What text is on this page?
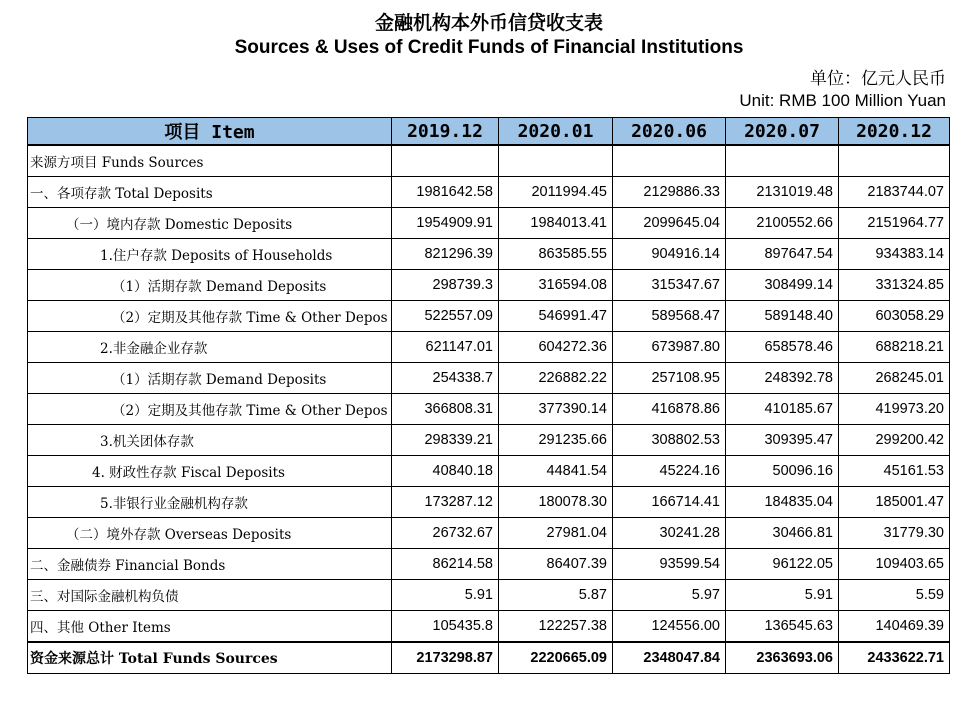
金融机构本外币信贷收支表
Sources & Uses of Credit Funds of Financial Institutions
单位：亿元人民币
Unit: RMB 100 Million Yuan
项目 Item	2019.12	2020.01	2020.06	2020.07	2020.12
来源方项目 Funds Sources					
一、各项存款 Total Deposits	1981642.58	2011994.45	2129886.33	2131019.48	2183744.07
（一）境内存款 Domestic Deposits	1954909.91	1984013.41	2099645.04	2100552.66	2151964.77
1.住户存款 Deposits of Households	821296.39	863585.55	904916.14	897647.54	934383.14
（1）活期存款 Demand Deposits	298739.3	316594.08	315347.67	308499.14	331324.85
（2）定期及其他存款 Time & Other Depos	522557.09	546991.47	589568.47	589148.40	603058.29
2.非金融企业存款	621147.01	604272.36	673987.80	658578.46	688218.21
（1）活期存款 Demand Deposits	254338.7	226882.22	257108.95	248392.78	268245.01
（2）定期及其他存款 Time & Other Depos	366808.31	377390.14	416878.86	410185.67	419973.20
3.机关团体存款	298339.21	291235.66	308802.53	309395.47	299200.42
4. 财政性存款 Fiscal Deposits	40840.18	44841.54	45224.16	50096.16	45161.53
5.非银行业金融机构存款	173287.12	180078.30	166714.41	184835.04	185001.47
（二）境外存款 Overseas Deposits	26732.67	27981.04	30241.28	30466.81	31779.30
二、金融债券 Financial Bonds	86214.58	86407.39	93599.54	96122.05	109403.65
三、对国际金融机构负债	5.91	5.87	5.97	5.91	5.59
四、其他 Other Items	105435.8	122257.38	124556.00	136545.63	140469.39
资金来源总计 Total Funds Sources	2173298.87	2220665.09	2348047.84	2363693.06	2433622.71
